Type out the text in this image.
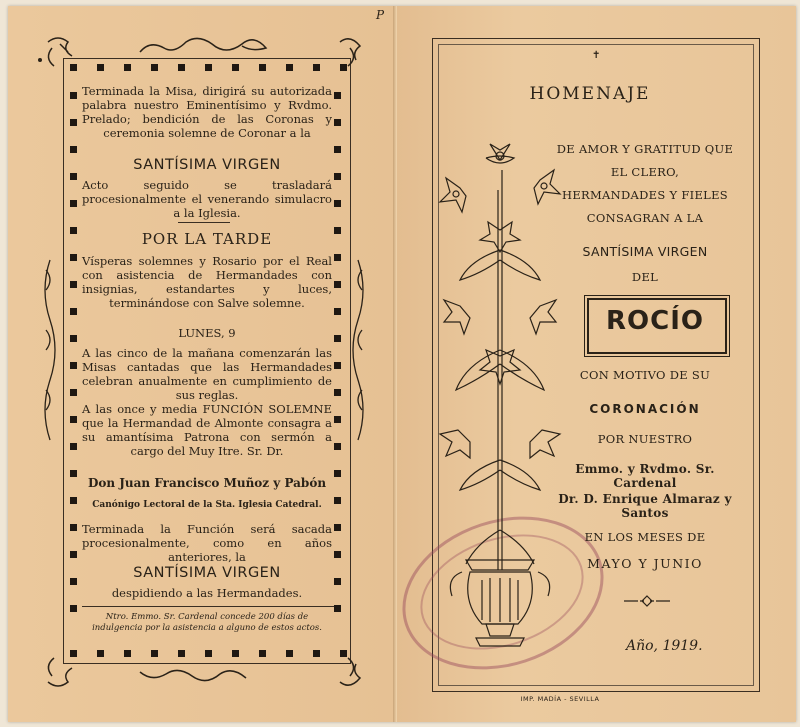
P
Terminada la Misa, dirigirá su autorizada palabra nuestro Eminentísimo y Rvdmo. Prelado; bendición de las Coronas y ceremonia solemne de Coronar a la
SANTÍSIMA VIRGEN
Acto seguido se trasladará procesionalmente el venerando simulacro a la Iglesia.
POR LA TARDE
Vísperas solemnes y Rosario por el Real con asistencia de Hermandades con insignias, estandartes y luces, terminándose con Salve solemne.
LUNES, 9
A las cinco de la mañana comenzarán las Misas cantadas que las Hermandades celebran anualmente en cumplimiento de sus reglas.
A las once y media FUNCIÓN SOLEMNE que la Hermandad de Almonte consagra a su amantísima Patrona con sermón a cargo del Muy Itre. Sr. Dr.
Don Juan Francisco Muñoz y Pabón
Canónigo Lectoral de la Sta. Iglesia Catedral.
Terminada la Función será sacada procesionalmente, como en años anteriores, la
SANTÍSIMA VIRGEN
despidiendo a las Hermandades.
Ntro. Emmo. Sr. Cardenal concede 200 días de indulgencia por la asistencia a alguno de estos actos.
✝
HOMENAJE
DE AMOR Y GRATITUD QUE
EL CLERO,
HERMANDADES Y FIELES
CONSAGRAN A LA
SANTÍSIMA VIRGEN
DEL
ROCÍO
CON MOTIVO DE SU
CORONACIÓN
POR NUESTRO
Emmo. y Rvdmo. Sr. Cardenal
Dr. D. Enrique Almaraz y Santos
EN LOS MESES DE
MAYO Y JUNIO
Año, 1919.
IMP. MADÍA - SEVILLA
